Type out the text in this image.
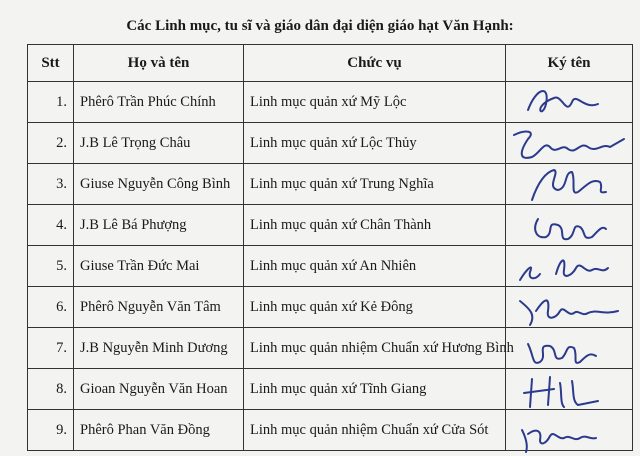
Các Linh mục, tu sĩ và giáo dân đại diện giáo hạt Văn Hạnh:
Stt	Họ và tên	Chức vụ	Ký tên
1.	Phêrô Trần Phúc Chính	Linh mục quản xứ Mỹ Lộc	

2.	J.B Lê Trọng Châu	Linh mục quản xứ Lộc Thủy	

3.	Giuse Nguyễn Công Bình	Linh mục quản xứ Trung Nghĩa	

4.	J.B Lê Bá Phượng	Linh mục quản xứ Chân Thành	

5.	Giuse Trần Đức Mai	Linh mục quản xứ An Nhiên	

6.	Phêrô Nguyễn Văn Tâm	Linh mục quản xứ Kẻ Đông	

7.	J.B Nguyễn Minh Dương	Linh mục quản nhiệm Chuẩn xứ Hương Bình	

8.	Gioan Nguyễn Văn Hoan	Linh mục quản xứ Tĩnh Giang	

9.	Phêrô Phan Văn Đồng	Linh mục quản nhiệm Chuẩn xứ Cửa Sót	
